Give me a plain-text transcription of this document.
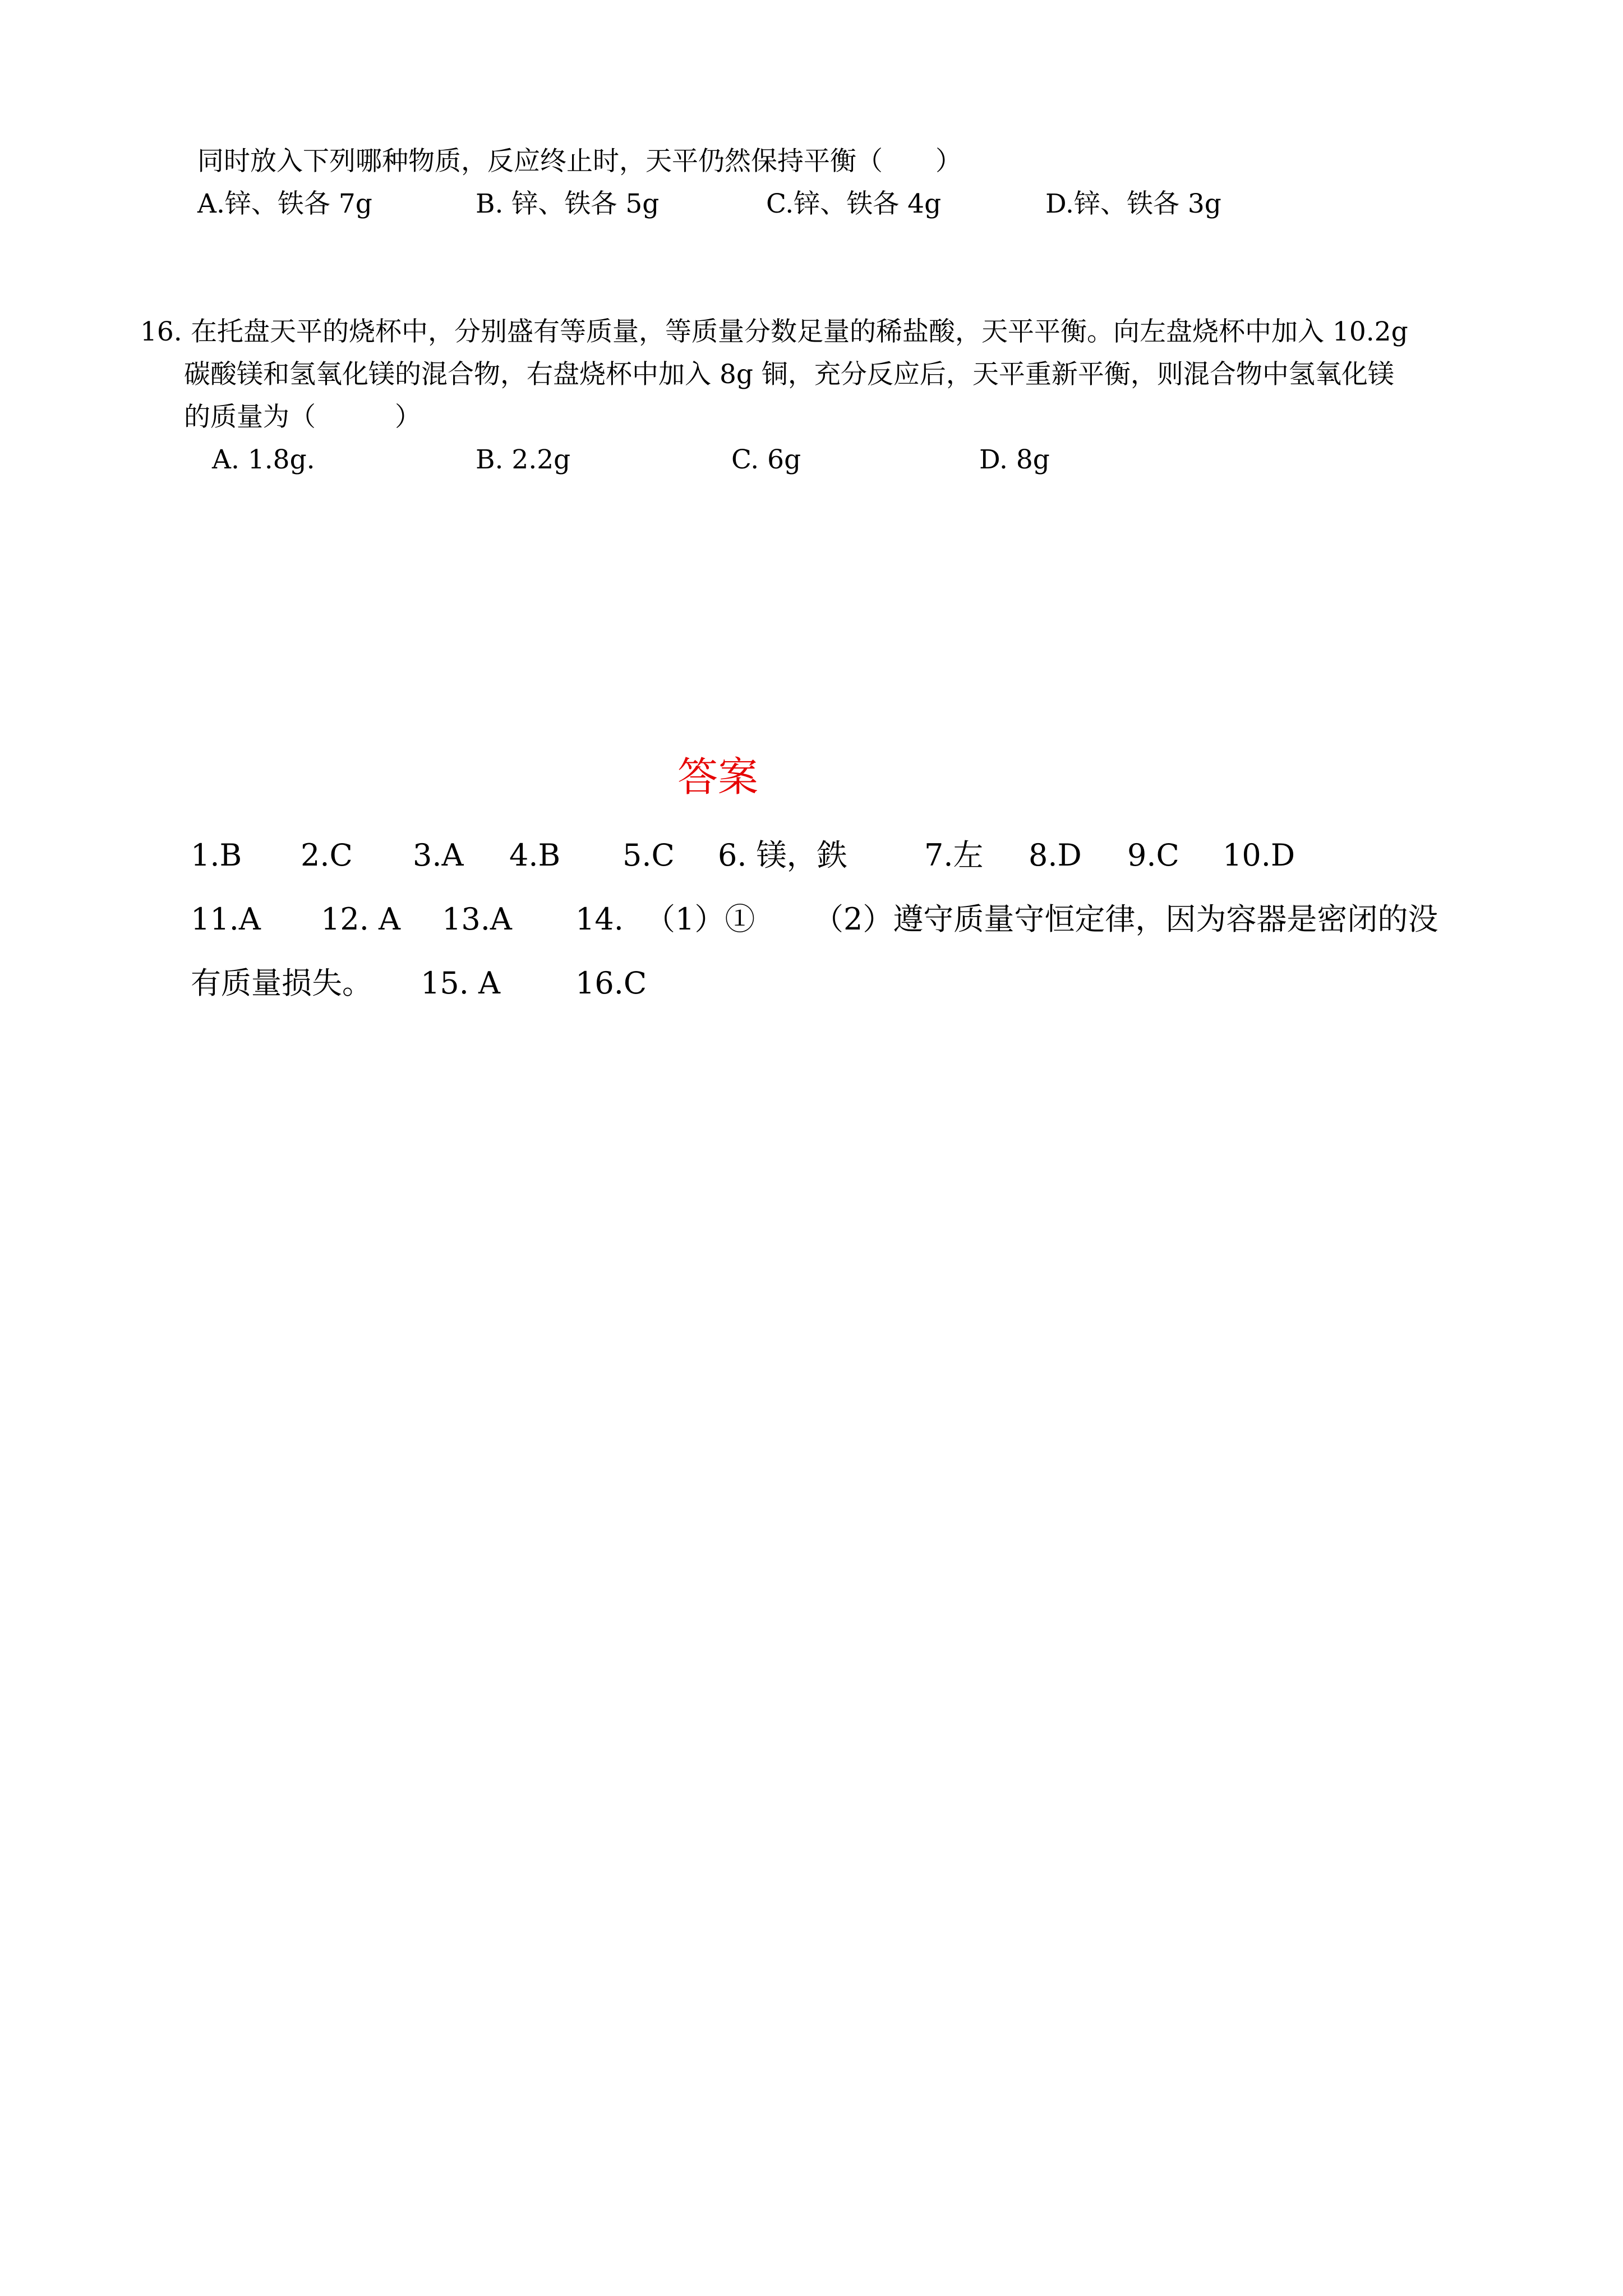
同时放入下列哪种物质，反应终止时，天平仍然保持平衡（　　）
A.锌、铁各 7g	B. 锌、铁各 5g	C.锌、铁各 4g	D.锌、铁各 3g
16. 在托盘天平的烧杯中，分别盛有等质量，等质量分数足量的稀盐酸，天平平衡。向左盘烧杯中加入 10.2g
碳酸镁和氢氧化镁的混合物，右盘烧杯中加入 8g 铜，充分反应后，天平重新平衡，则混合物中氢氧化镁
的质量为（　　　）
A. 1.8g.	B. 2.2g	C. 6g	D. 8g
答案
1.B 2.C 3.A 4.B 5.C 6. 镁，鉄	7.左 8.D 9.C 10.D
11.A 12. A 13.A 14. （1）① （2）遵守质量守恒定律，因为容器是密闭的没
有质量损失。 15. A 16.C
